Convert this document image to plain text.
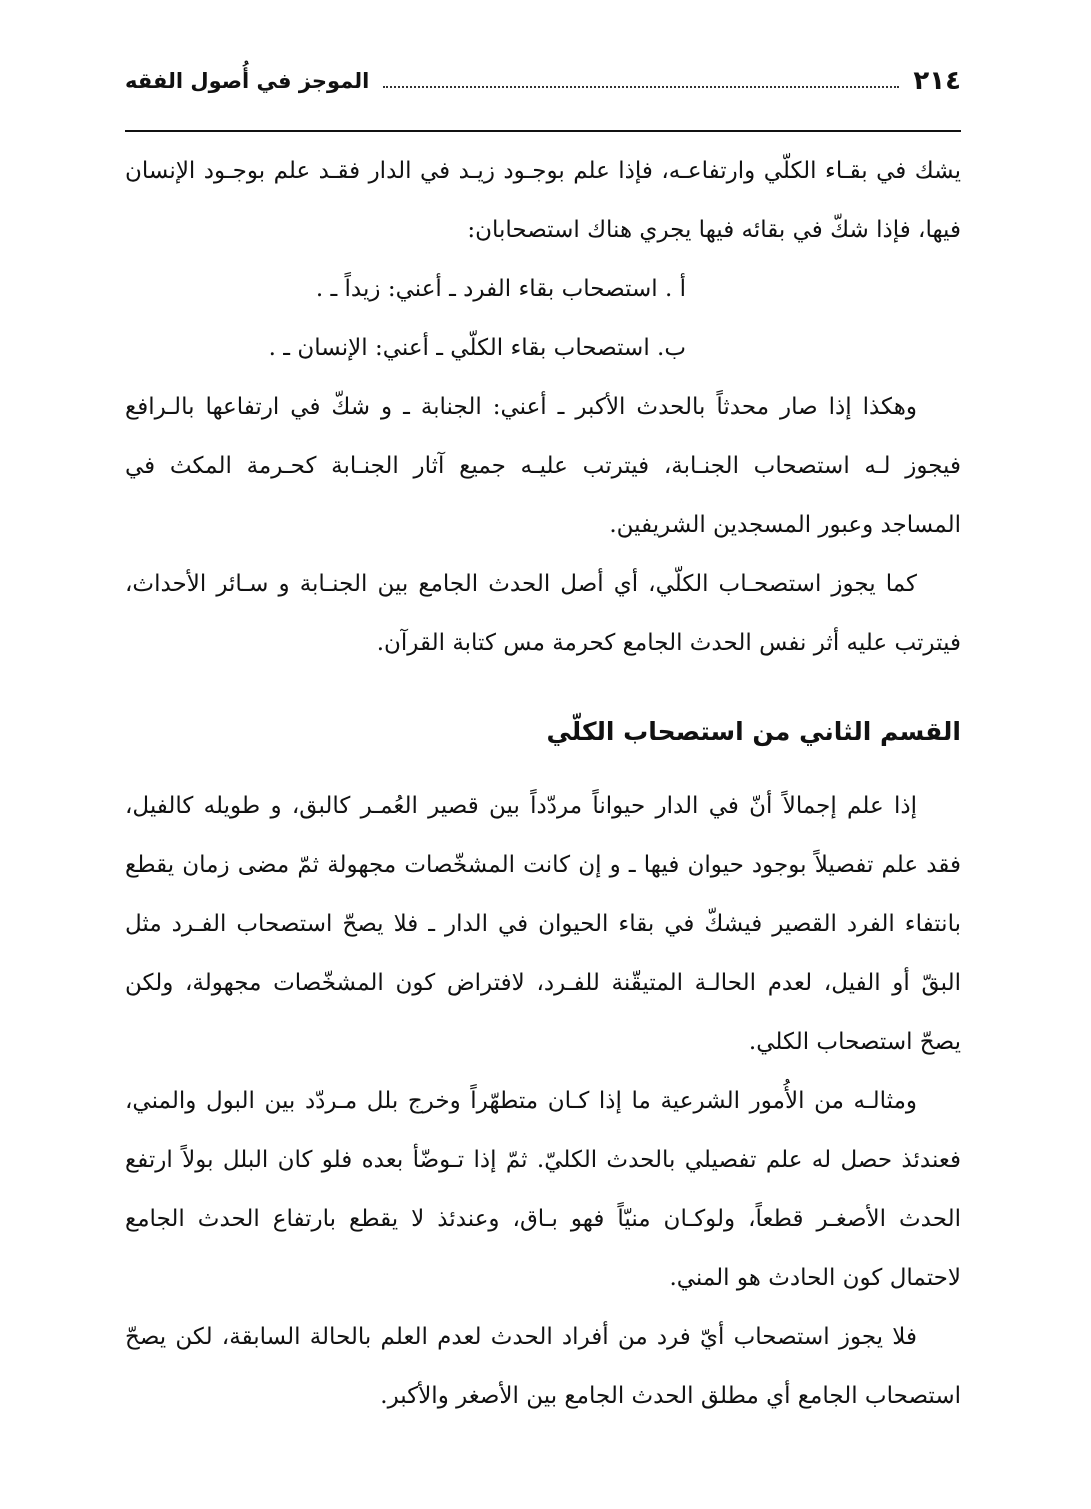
٢١٤
الموجز في أُصول الفقه

يشك في بقـاء الكلّي وارتفاعـه، فإذا علم بوجـود زيـد في الدار فقـد علم بوجـود الإنسان فيها، فإذا شكّ في بقائه فيها يجري هناك استصحابان:

أ . استصحاب بقاء الفرد ـ أعني: زيداً ـ .

ب. استصحاب بقاء الكلّي ـ أعني: الإنسان ـ .

وهكذا إذا صار محدثاً بالحدث الأكبر ـ أعني: الجنابة ـ و شكّ في ارتفاعها بالـرافع فيجوز لـه استصحاب الجنـابة، فيترتب عليـه جميع آثار الجنـابة كحـرمة المكث في المساجد وعبور المسجدين الشريفين.

كما يجوز استصحـاب الكلّي، أي أصل الحدث الجامع بين الجنـابة و سـائر الأحداث، فيترتب عليه أثر نفس الحدث الجامع كحرمة مس كتابة القرآن.

القسم الثاني من استصحاب الكلّي

إذا علم إجمالاً أنّ في الدار حيواناً مردّداً بين قصير العُمـر كالبق، و طويله كالفيل، فقد علم تفصيلاً بوجود حيوان فيها ـ و إن كانت المشخّصات مجهولة ثمّ مضى زمان يقطع بانتفاء الفرد القصير فيشكّ في بقاء الحيوان في الدار ـ فلا يصحّ استصحاب الفـرد مثل البقّ أو الفيل، لعدم الحالـة المتيقّنة للفـرد، لافتراض كون المشخّصات مجهولة، ولكن يصحّ استصحاب الكلي.

ومثالـه من الأُمور الشرعية ما إذا كـان متطهّراً وخرج بلل مـردّد بين البول والمني، فعندئذ حصل له علم تفصيلي بالحدث الكليّ. ثمّ إذا تـوضّأ بعده فلو كان البلل بولاً ارتفع الحدث الأصغـر قطعاً، ولوكـان منيّاً فهو بـاق، وعندئذ لا يقطع بارتفاع الحدث الجامع لاحتمال كون الحادث هو المني.

فلا يجوز استصحاب أيّ فرد من أفراد الحدث لعدم العلم بالحالة السابقة، لكن يصحّ استصحاب الجامع أي مطلق الحدث الجامع بين الأصغر والأكبر.
